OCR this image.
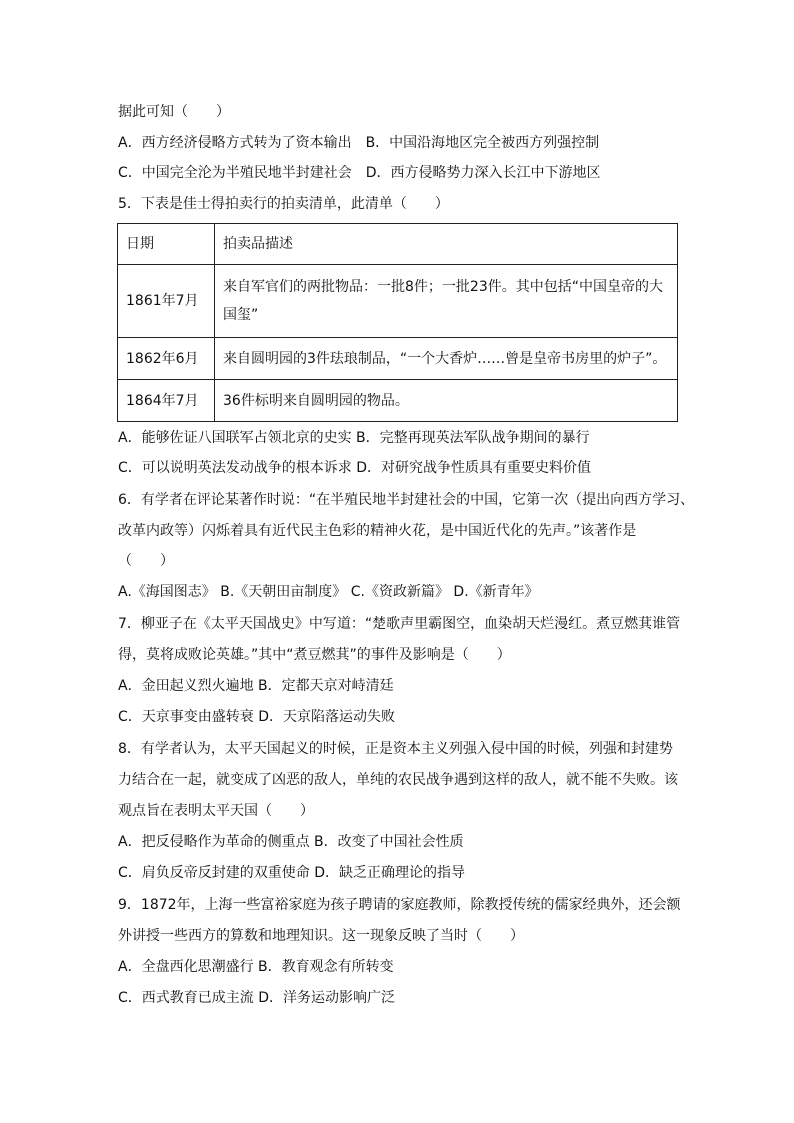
据此可知（　　）
A．西方经济侵略方式转为了资本输出 B．中国沿海地区完全被西方列强控制
C．中国完全沦为半殖民地半封建社会 D．西方侵略势力深入长江中下游地区
5．下表是佳士得拍卖行的拍卖清单，此清单（　　）
日期	拍卖品描述
1861年7月	来自军官们的两批物品：一批8件；一批23件。其中包括“中国皇帝的大国玺”
1862年6月	来自圆明园的3件珐琅制品，“一个大香炉……曾是皇帝书房里的炉子”。
1864年7月	36件标明来自圆明园的物品。
A．能够佐证八国联军占领北京的史实 B．完整再现英法军队战争期间的暴行
C．可以说明英法发动战争的根本诉求 D．对研究战争性质具有重要史料价值
6．有学者在评论某著作时说：“在半殖民地半封建社会的中国，它第一次（提出向西方学习、
改革内政等）闪烁着具有近代民主色彩的精神火花，是中国近代化的先声。”该著作是
（　　）
A.《海国图志》 B.《天朝田亩制度》 C.《资政新篇》 D.《新青年》
7．柳亚子在《太平天国战史》中写道：“楚歌声里霸图空，血染胡天烂漫红。煮豆燃萁谁管
得，莫将成败论英雄。”其中“煮豆燃萁”的事件及影响是（　　）
A．金田起义烈火遍地 B．定都天京对峙清廷
C．天京事变由盛转衰 D．天京陷落运动失败
8．有学者认为，太平天国起义的时候，正是资本主义列强入侵中国的时候，列强和封建势
力结合在一起，就变成了凶恶的敌人，单纯的农民战争遇到这样的敌人，就不能不失败。该
观点旨在表明太平天国（　　）
A．把反侵略作为革命的侧重点 B．改变了中国社会性质
C．肩负反帝反封建的双重使命 D．缺乏正确理论的指导
9．1872年，上海一些富裕家庭为孩子聘请的家庭教师，除教授传统的儒家经典外，还会额
外讲授一些西方的算数和地理知识。这一现象反映了当时（　　）
A．全盘西化思潮盛行 B．教育观念有所转变
C．西式教育已成主流 D．洋务运动影响广泛
